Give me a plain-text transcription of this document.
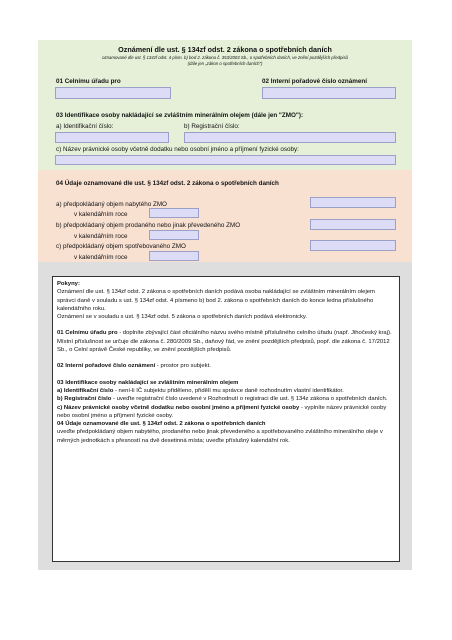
Oznámení dle ust. § 134zf odst. 2 zákona o spotřebních daních
oznamované dle ust. § 134zf odst. 4 písm. b) bod 2. zákona č. 353/2003 Sb., o spotřebních daních, ve znění pozdějších předpisů
(dále jen „zákon o spotřebních daních")
01 Celnímu úřadu pro	02 Interní pořadové číslo oznámení
03 Identifikace osoby nakládající se zvláštním minerálním olejem (dále jen "ZMO"):
a) Identifikační číslo:	b) Registrační číslo:
c) Název právnické osoby včetně dodatku nebo osobní jméno a příjmení fyzické osoby:
04 Údaje oznamované dle ust. § 134zf odst. 2 zákona o spotřebních daních
a) předpokládaný objem nabytého ZMO
v kalendářním roce
b) předpokládaný objem prodaného nebo jinak převedeného ZMO
v kalendářním roce
c) předpokládaný objem spotřebovaného ZMO
v kalendářním roce

Pokyny:

Oznámení dle ust. § 134zf odst. 2 zákona o spotřebních daních podává osoba nakládající se zvláštním minerálním olejem správci daně v souladu s ust. § 134zf odst. 4 písmeno b) bod 2. zákona o spotřebních daních do konce ledna příslušného kalendářního roku.

Oznámení se v souladu s ust. § 134zf odst. 5 zákona o spotřebních daních podává elektronicky.

01 Celnímu úřadu pro - doplníte zbývající část oficiálního názvu svého místně příslušného celního úřadu (např. Jihočeský kraj).

Místní příslušnost se určuje dle zákona č. 280/2009 Sb., daňový řád, ve znění pozdějších předpisů, popř. dle zákona č. 17/2012 Sb., o Celní správě České republiky, ve znění pozdějších předpisů.

02 Interní pořadové číslo oznámení - prostor pro subjekt.

03 Identifikace osoby nakládající se zvláštním minerálním olejem

a) Identifikační číslo - není-li IČ subjektu přiděleno, přidělí mu správce daně rozhodnutím vlastní identifikátor.

b) Registrační číslo - uveďte registrační číslo uvedené v Rozhodnutí o registraci dle ust. § 134z zákona o spotřebních daních.

c) Název právnické osoby včetně dodatku nebo osobní jméno a příjmení fyzické osoby - vyplníte název právnické osoby nebo osobní jméno a příjmení fyzické osoby.

04 Údaje oznamované dle ust. § 134zf odst. 2 zákona o spotřebních daních

uveďte předpokládaný objem nabytého, prodaného nebo jinak převedeného a spotřebovaného zvláštního minerálního oleje v měrných jednotkách s přesností na dvě desetinná místa; uveďte příslušný kalendářní rok.
